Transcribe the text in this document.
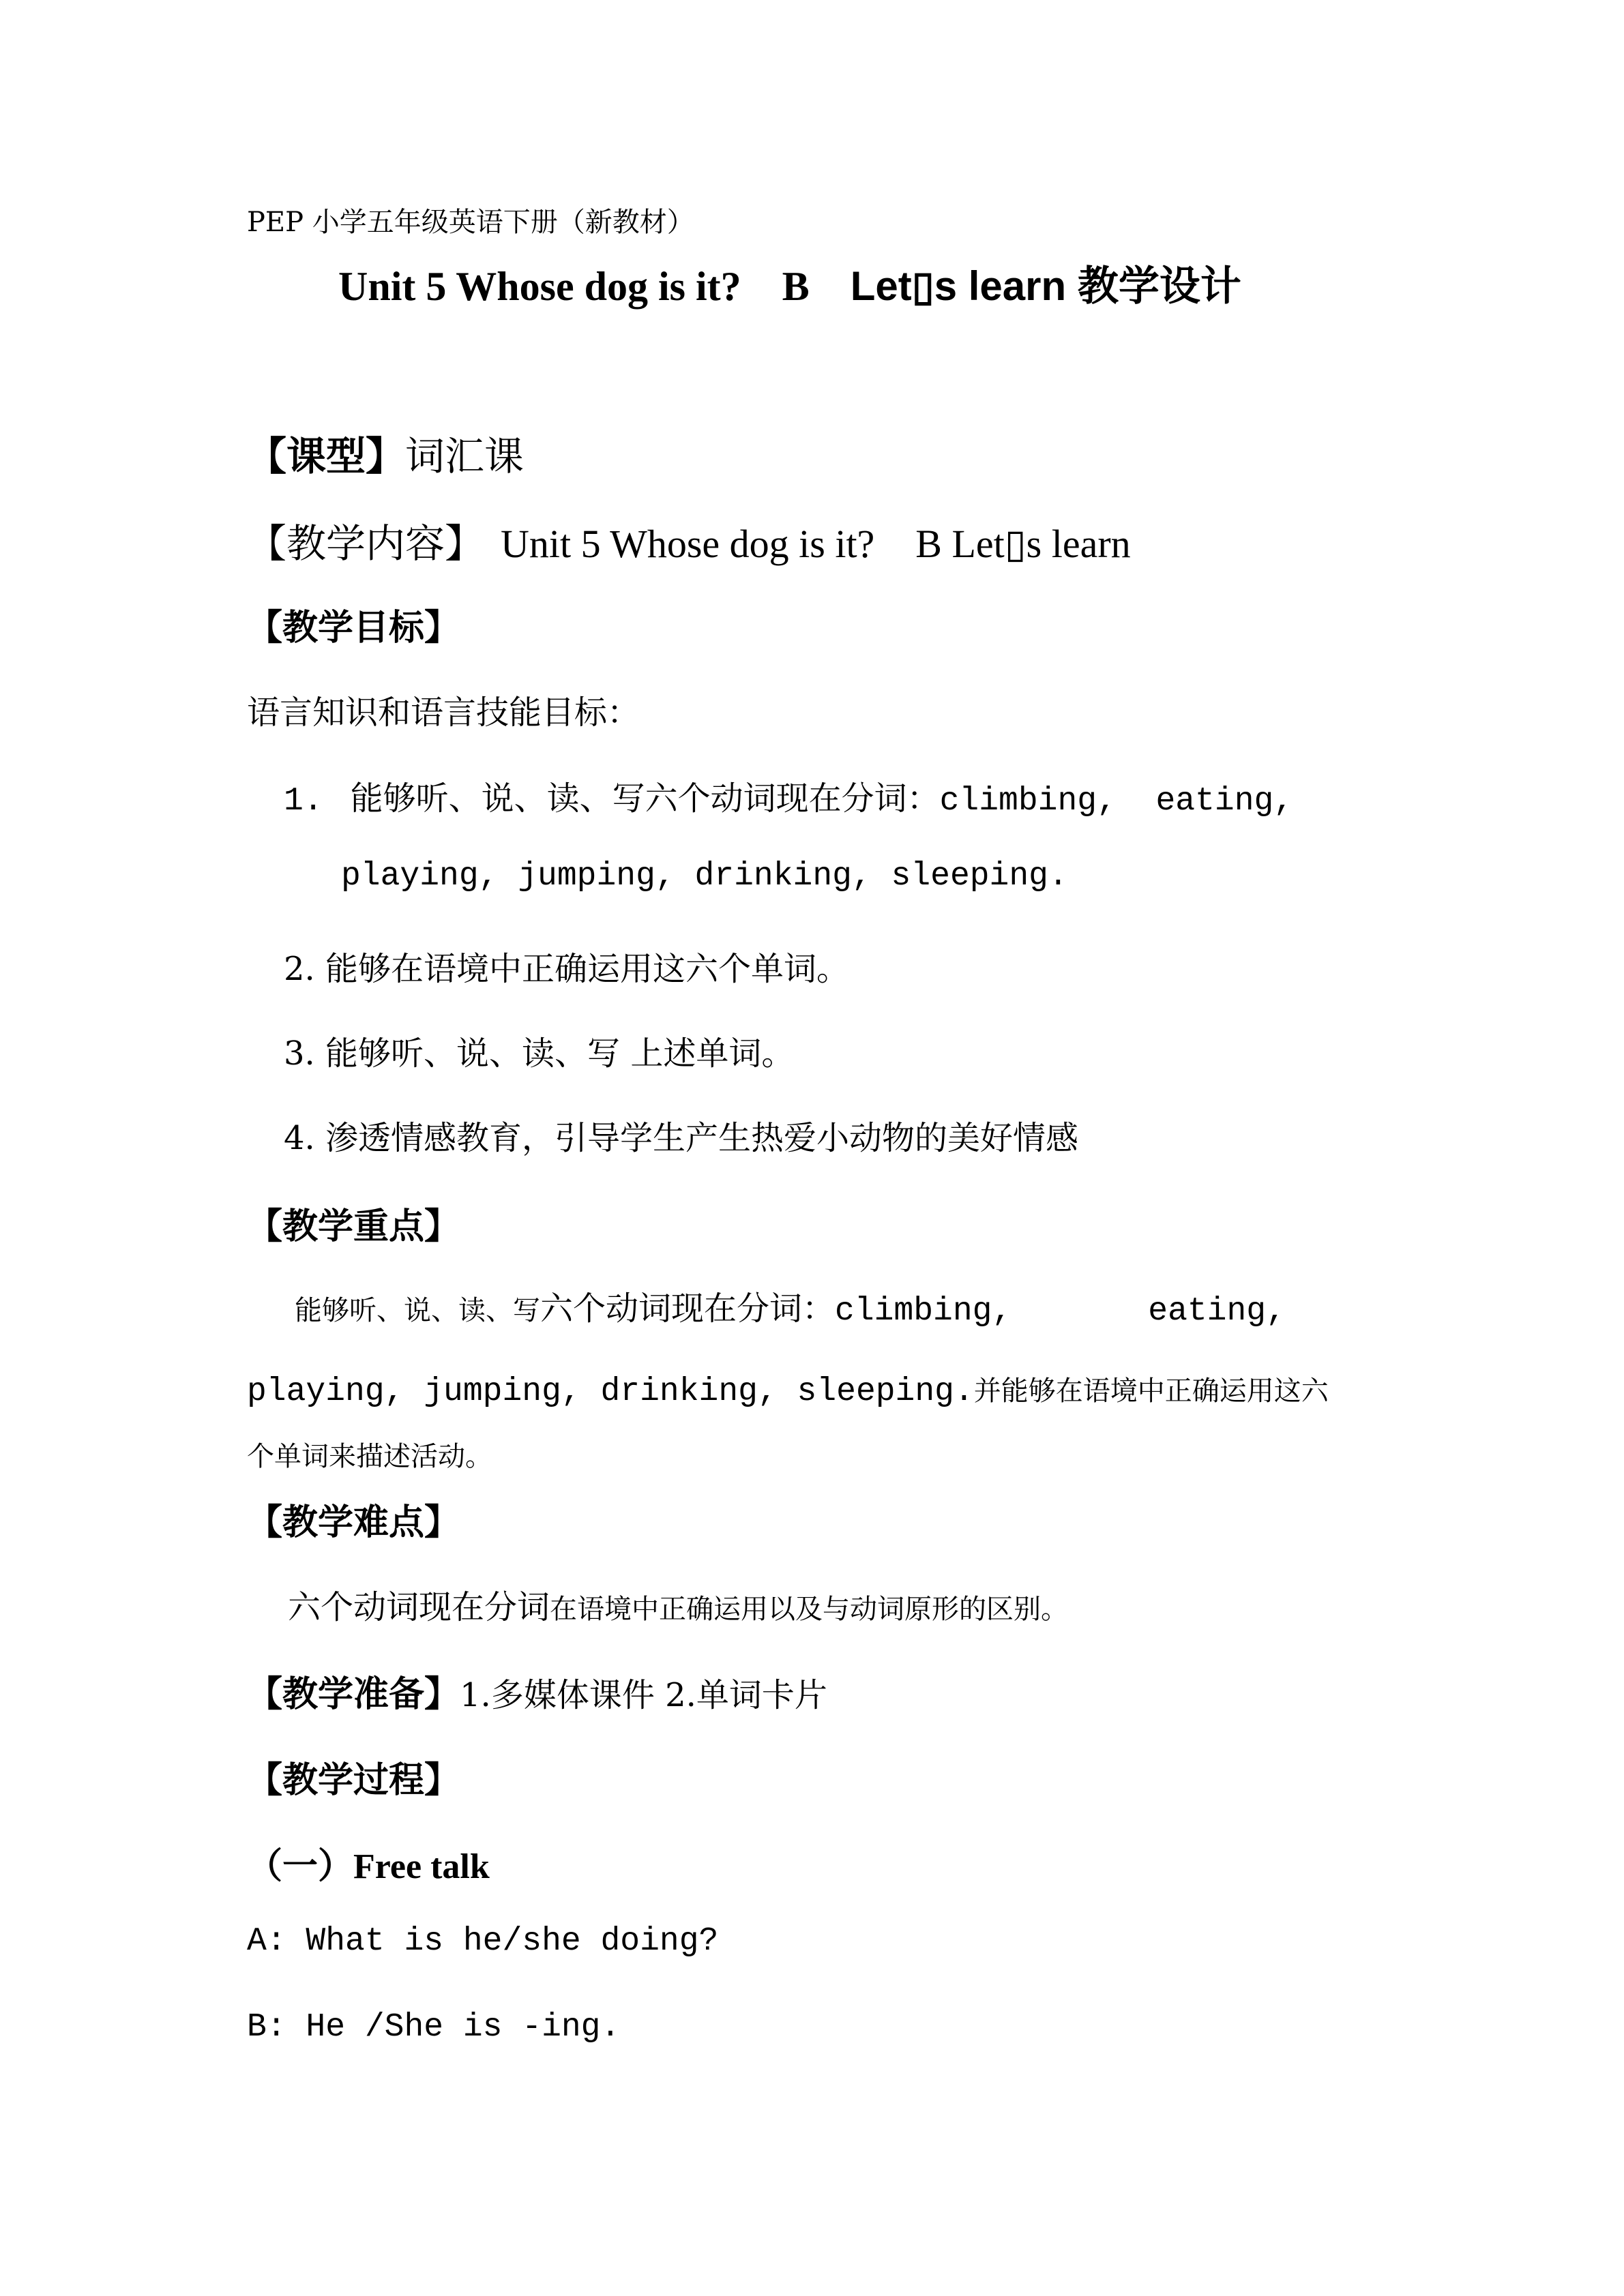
PEP 小学五年级英语下册（新教材）
Unit 5 Whose dog is it? B Let▯s learn 教学设计
【课型】词汇课
【教学内容】 Unit 5 Whose dog is it? B Let▯s learn
【教学目标】
语言知识和语言技能目标：
1. 能够听、说、读、写六个动词现在分词：climbing,  eating,
playing, jumping, drinking, sleeping.
2. 能够在语境中正确运用这六个单词。
3. 能够听、说、读、写 上述单词。
4. 渗透情感教育，引导学生产生热爱小动物的美好情感
【教学重点】
能够听、说、读、写六个动词现在分词：climbing,	eating,
playing, jumping, drinking, sleeping.并能够在语境中正确运用这六
个单词来描述活动。
【教学难点】
六个动词现在分词在语境中正确运用以及与动词原形的区别。
【教学准备】1.多媒体课件 2.单词卡片
【教学过程】
（一）Free talk
A: What is he/she doing?
B: He /She is -ing.
